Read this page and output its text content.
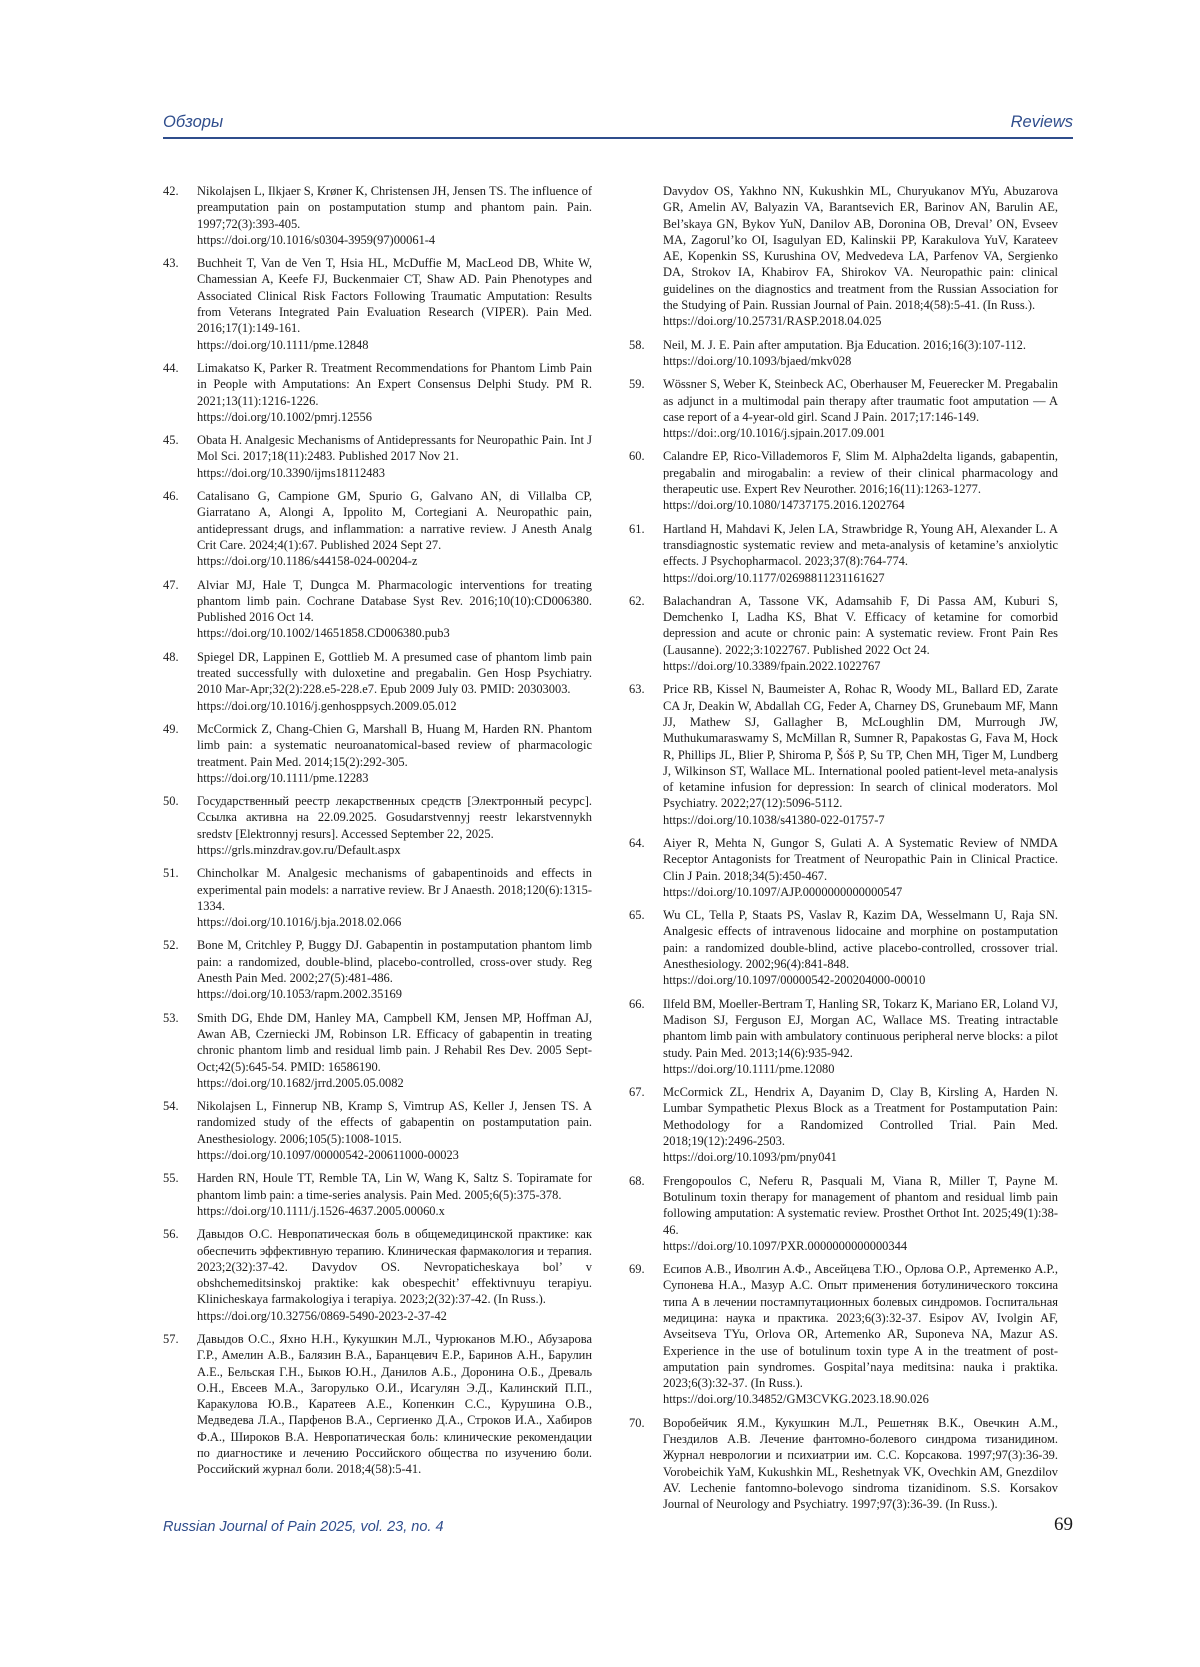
Обзоры	Reviews
42. Nikolajsen L, Ilkjaer S, Krøner K, Christensen JH, Jensen TS. The influence of preamputation pain on postamputation stump and phantom pain. Pain. 1997;72(3):393-405.
https://doi.org/10.1016/s0304-3959(97)00061-4
43. Buchheit T, Van de Ven T, Hsia HL, McDuffie M, MacLeod DB, White W, Chamessian A, Keefe FJ, Buckenmaier CT, Shaw AD. Pain Phenotypes and Associated Clinical Risk Factors Following Traumatic Amputation: Results from Veterans Integrated Pain Evaluation Research (VIPER). Pain Med. 2016;17(1):149-161.
https://doi.org/10.1111/pme.12848
44. Limakatso K, Parker R. Treatment Recommendations for Phantom Limb Pain in People with Amputations: An Expert Consensus Delphi Study. PM R. 2021;13(11):1216-1226.
https://doi.org/10.1002/pmrj.12556
45. Obata H. Analgesic Mechanisms of Antidepressants for Neuropathic Pain. Int J Mol Sci. 2017;18(11):2483. Published 2017 Nov 21.
https://doi.org/10.3390/ijms18112483
46. Catalisano G, Campione GM, Spurio G, Galvano AN, di Villalba CP, Giarratano A, Alongi A, Ippolito M, Cortegiani A. Neuropathic pain, antidepressant drugs, and inflammation: a narrative review. J Anesth Analg Crit Care. 2024;4(1):67. Published 2024 Sept 27.
https://doi.org/10.1186/s44158-024-00204-z
47. Alviar MJ, Hale T, Dungca M. Pharmacologic interventions for treating phantom limb pain. Cochrane Database Syst Rev. 2016;10(10):CD006380. Published 2016 Oct 14.
https://doi.org/10.1002/14651858.CD006380.pub3
48. Spiegel DR, Lappinen E, Gottlieb M. A presumed case of phantom limb pain treated successfully with duloxetine and pregabalin. Gen Hosp Psychiatry. 2010 Mar-Apr;32(2):228.e5-228.e7. Epub 2009 July 03. PMID: 20303003.
https://doi.org/10.1016/j.genhosppsych.2009.05.012
49. McCormick Z, Chang-Chien G, Marshall B, Huang M, Harden RN. Phantom limb pain: a systematic neuroanatomical-based review of pharmacologic treatment. Pain Med. 2014;15(2):292-305.
https://doi.org/10.1111/pme.12283
50. Государственный реестр лекарственных средств [Электронный ресурс]. Ссылка активна на 22.09.2025. Gosudarstvennyj reestr lekarstvennykh sredstv [Elektronnyj resurs]. Accessed September 22, 2025.
https://grls.minzdrav.gov.ru/Default.aspx
51. Chincholkar M. Analgesic mechanisms of gabapentinoids and effects in experimental pain models: a narrative review. Br J Anaesth. 2018;120(6):1315-1334.
https://doi.org/10.1016/j.bja.2018.02.066
52. Bone M, Critchley P, Buggy DJ. Gabapentin in postamputation phantom limb pain: a randomized, double-blind, placebo-controlled, cross-over study. Reg Anesth Pain Med. 2002;27(5):481-486.
https://doi.org/10.1053/rapm.2002.35169
53. Smith DG, Ehde DM, Hanley MA, Campbell KM, Jensen MP, Hoffman AJ, Awan AB, Czerniecki JM, Robinson LR. Efficacy of gabapentin in treating chronic phantom limb and residual limb pain. J Rehabil Res Dev. 2005 Sept-Oct;42(5):645-54. PMID: 16586190.
https://doi.org/10.1682/jrrd.2005.05.0082
54. Nikolajsen L, Finnerup NB, Kramp S, Vimtrup AS, Keller J, Jensen TS. A randomized study of the effects of gabapentin on postamputation pain. Anesthesiology. 2006;105(5):1008-1015.
https://doi.org/10.1097/00000542-200611000-00023
55. Harden RN, Houle TT, Remble TA, Lin W, Wang K, Saltz S. Topiramate for phantom limb pain: a time-series analysis. Pain Med. 2005;6(5):375-378.
https://doi.org/10.1111/j.1526-4637.2005.00060.x
56. Давыдов О.С. Невропатическая боль в общемедицинской практике: как обеспечить эффективную терапию. Клиническая фармакология и терапия. 2023;2(32):37-42. Davydov OS. Nevropaticheskaya bol’ v obshchemeditsinskoj praktike: kak obespechit’ effektivnuyu terapiyu. Klinicheskaya farmakologiya i terapiya. 2023;2(32):37-42. (In Russ.).
https://doi.org/10.32756/0869-5490-2023-2-37-42
57. Давыдов О.С., Яхно Н.Н., Кукушкин М.Л., Чурюканов М.Ю., Абузарова Г.Р., Амелин А.В., Балязин В.А., Баранцевич Е.Р., Баринов А.Н., Барулин А.Е., Бельская Г.Н., Быков Ю.Н., Данилов А.Б., Доронина О.Б., Древаль О.Н., Евсеев М.А., Загорулько О.И., Исагулян Э.Д., Калинский П.П., Каракулова Ю.В., Каратеев А.Е., Копенкин С.С., Курушина О.В., Медведева Л.А., Парфенов В.А., Сергиенко Д.А., Строков И.А., Хабиров Ф.А., Широков В.А. Невропатическая боль: клинические рекомендации по диагностике и лечению Российского общества по изучению боли. Российский журнал боли. 2018;4(58):5-41.
Davydov OS, Yakhno NN, Kukushkin ML, Churyukanov MYu, Abuzarova GR, Amelin AV, Balyazin VA, Barantsevich ER, Barinov AN, Barulin AE, Bel’skaya GN, Bykov YuN, Danilov AB, Doronina OB, Dreval’ ON, Evseev MA, Zagorul’ko OI, Isagulyan ED, Kalinskii PP, Karakulova YuV, Karateev AE, Kopenkin SS, Kurushina OV, Medvedeva LA, Parfenov VA, Sergienko DA, Strokov IA, Khabirov FA, Shirokov VA. Neuropathic pain: clinical guidelines on the diagnostics and treatment from the Russian Association for the Studying of Pain. Russian Journal of Pain. 2018;4(58):5-41. (In Russ.).
https://doi.org/10.25731/RASP.2018.04.025
58. Neil, M. J. E. Pain after amputation. Bja Education. 2016;16(3):107-112.
https://doi.org/10.1093/bjaed/mkv028
59. Wössner S, Weber K, Steinbeck AC, Oberhauser M, Feuerecker M. Pregabalin as adjunct in a multimodal pain therapy after traumatic foot amputation — A case report of a 4-year-old girl. Scand J Pain. 2017;17:146-149.
https://doi:.org/10.1016/j.sjpain.2017.09.001
60. Calandre EP, Rico-Villademoros F, Slim M. Alpha2delta ligands, gabapentin, pregabalin and mirogabalin: a review of their clinical pharmacology and therapeutic use. Expert Rev Neurother. 2016;16(11):1263-1277.
https://doi.org/10.1080/14737175.2016.1202764
61. Hartland H, Mahdavi K, Jelen LA, Strawbridge R, Young AH, Alexander L. A transdiagnostic systematic review and meta-analysis of ketamine’s anxiolytic effects. J Psychopharmacol. 2023;37(8):764-774.
https://doi.org/10.1177/02698811231161627
62. Balachandran A, Tassone VK, Adamsahib F, Di Passa AM, Kuburi S, Demchenko I, Ladha KS, Bhat V. Efficacy of ketamine for comorbid depression and acute or chronic pain: A systematic review. Front Pain Res (Lausanne). 2022;3:1022767. Published 2022 Oct 24.
https://doi.org/10.3389/fpain.2022.1022767
63. Price RB, Kissel N, Baumeister A, Rohac R, Woody ML, Ballard ED, Zarate CA Jr, Deakin W, Abdallah CG, Feder A, Charney DS, Grunebaum MF, Mann JJ, Mathew SJ, Gallagher B, McLoughlin DM, Murrough JW, Muthukumaraswamy S, McMillan R, Sumner R, Papakostas G, Fava M, Hock R, Phillips JL, Blier P, Shiroma P, Šóš P, Su TP, Chen MH, Tiger M, Lundberg J, Wilkinson ST, Wallace ML. International pooled patient-level meta-analysis of ketamine infusion for depression: In search of clinical moderators. Mol Psychiatry. 2022;27(12):5096-5112.
https://doi.org/10.1038/s41380-022-01757-7
64. Aiyer R, Mehta N, Gungor S, Gulati A. A Systematic Review of NMDA Receptor Antagonists for Treatment of Neuropathic Pain in Clinical Practice. Clin J Pain. 2018;34(5):450-467.
https://doi.org/10.1097/AJP.0000000000000547
65. Wu CL, Tella P, Staats PS, Vaslav R, Kazim DA, Wesselmann U, Raja SN. Analgesic effects of intravenous lidocaine and morphine on postamputation pain: a randomized double-blind, active placebo-controlled, crossover trial. Anesthesiology. 2002;96(4):841-848.
https://doi.org/10.1097/00000542-200204000-00010
66. Ilfeld BM, Moeller-Bertram T, Hanling SR, Tokarz K, Mariano ER, Loland VJ, Madison SJ, Ferguson EJ, Morgan AC, Wallace MS. Treating intractable phantom limb pain with ambulatory continuous peripheral nerve blocks: a pilot study. Pain Med. 2013;14(6):935-942.
https://doi.org/10.1111/pme.12080
67. McCormick ZL, Hendrix A, Dayanim D, Clay B, Kirsling A, Harden N. Lumbar Sympathetic Plexus Block as a Treatment for Postamputation Pain: Methodology for a Randomized Controlled Trial. Pain Med. 2018;19(12):2496-2503.
https://doi.org/10.1093/pm/pny041
68. Frengopoulos C, Neferu R, Pasquali M, Viana R, Miller T, Payne M. Botulinum toxin therapy for management of phantom and residual limb pain following amputation: A systematic review. Prosthet Orthot Int. 2025;49(1):38-46.
https://doi.org/10.1097/PXR.0000000000000344
69. Есипов А.В., Иволгин А.Ф., Авсейцева Т.Ю., Орлова О.Р., Артеменко А.Р., Супонева Н.А., Мазур А.С. Опыт применения ботулинического токсина типа А в лечении постампутационных болевых синдромов. Госпитальная медицина: наука и практика. 2023;6(3):32-37. Esipov AV, Ivolgin AF, Avseitseva TYu, Orlova OR, Artemenko AR, Suponeva NA, Mazur AS. Experience in the use of botulinum toxin type A in the treatment of post-amputation pain syndromes. Gospital’naya meditsina: nauka i praktika. 2023;6(3):32-37. (In Russ.).
https://doi.org/10.34852/GM3CVKG.2023.18.90.026
70. Воробейчик Я.М., Кукушкин М.Л., Решетняк В.К., Овечкин А.М., Гнездилов А.В. Лечение фантомно-болевого синдрома тизанидином. Журнал неврологии и психиатрии им. С.С. Корсакова. 1997;97(3):36-39. Vorobeichik YaM, Kukushkin ML, Reshetnyak VK, Ovechkin AM, Gnezdilov AV. Lechenie fantomno-bolevogo sindroma tizanidinom. S.S. Korsakov Journal of Neurology and Psychiatry. 1997;97(3):36-39. (In Russ.).
Russian Journal of Pain 2025, vol. 23, no. 4	69
